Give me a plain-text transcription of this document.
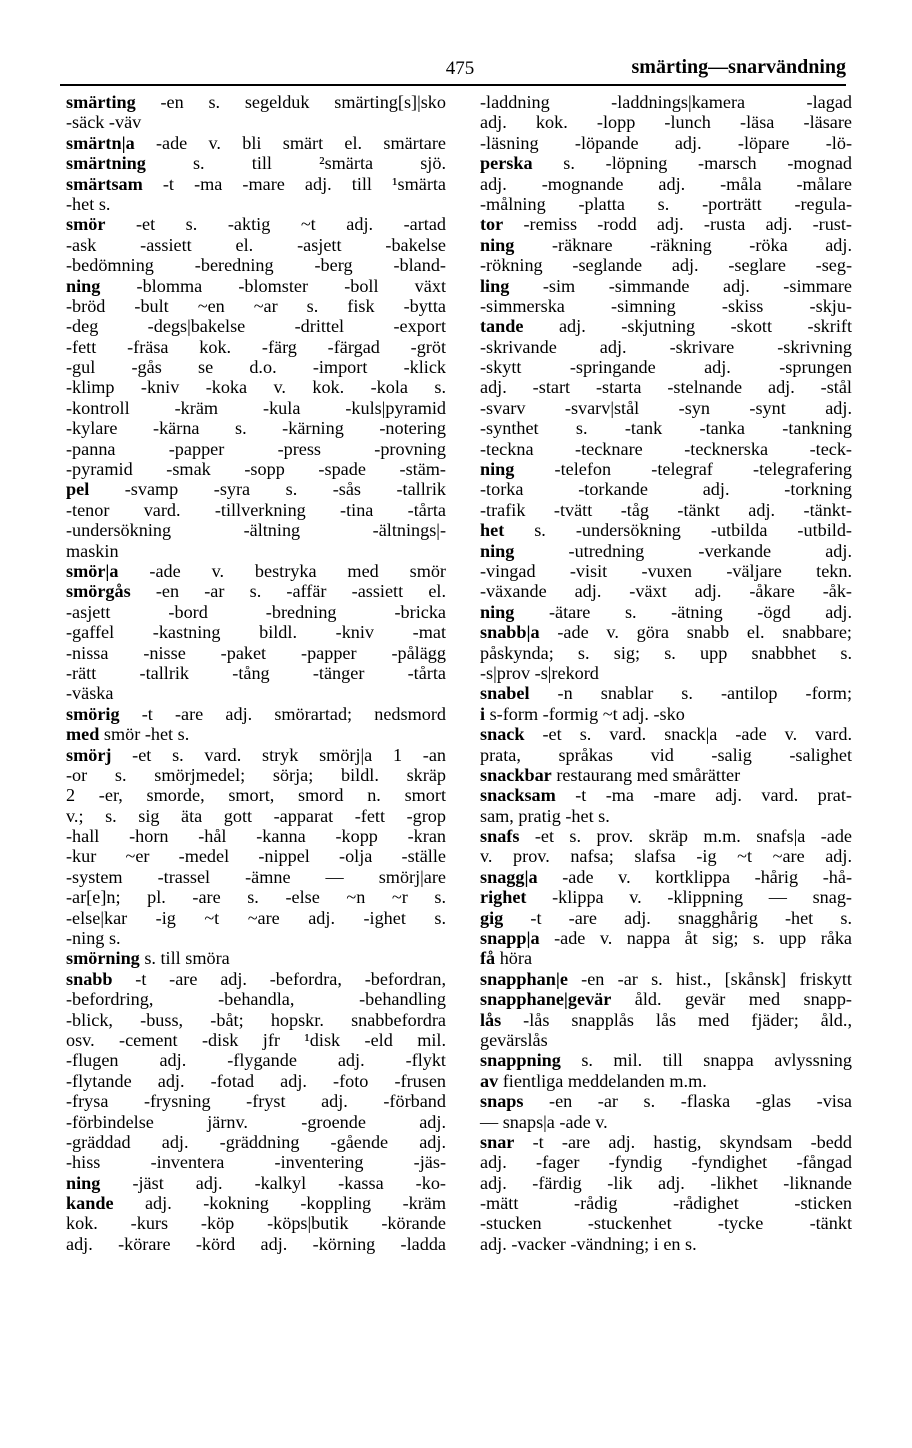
475	smärting—snarvändning
smärting -en s. segelduk smärting[s]|sko
-säck -väv
smärtn|a -ade v. bli smärt el. smärtare
smärtning s. till ²smärta sjö.
smärtsam -t -ma -mare adj. till ¹smärta
-het s.
smör -et s. -aktig ~t adj. -artad
-ask -assiett el. -asjett -bakelse
-bedömning -beredning -berg -bland-
ning -blomma -blomster -boll växt
-bröd -bult ~en ~ar s. fisk -bytta
-deg -degs|bakelse -drittel -export
-fett -fräsa kok. -färg -färgad -gröt
-gul -gås se d.o. -import -klick
-klimp -kniv -koka v. kok. -kola s.
-kontroll -kräm -kula -kuls|pyramid
-kylare -kärna s. -kärning -notering
-panna -papper -press -provning
-pyramid -smak -sopp -spade -stäm-
pel -svamp -syra s. -sås -tallrik
-tenor vard. -tillverkning -tina -tårta
-undersökning -ältning -ältnings|-
maskin
smör|a -ade v. bestryka med smör
smörgås -en -ar s. -affär -assiett el.
-asjett -bord -bredning -bricka
-gaffel -kastning bildl. -kniv -mat
-nissa -nisse -paket -papper -pålägg
-rätt -tallrik -tång -tänger -tårta
-väska
smörig -t -are adj. smörartad; nedsmord
med smör -het s.
smörj -et s. vard. stryk smörj|a 1 -an
-or s. smörjmedel; sörja; bildl. skräp
2 -er, smorde, smort, smord n. smort
v.; s. sig äta gott -apparat -fett -grop
-hall -horn -hål -kanna -kopp -kran
-kur ~er -medel -nippel -olja -ställe
-system -trassel -ämne — smörj|are
-ar[e]n; pl. -are s. -else ~n ~r s.
-else|kar -ig ~t ~are adj. -ighet s.
-ning s.
smörning s. till smöra
snabb -t -are adj. -befordra, -befordran,
-befordring, -behandla, -behandling
-blick, -buss, -båt; hopskr. snabbefordra
osv. -cement -disk jfr ¹disk -eld mil.
-flugen adj. -flygande adj. -flykt
-flytande adj. -fotad adj. -foto -frusen
-frysa -frysning -fryst adj. -förband
-förbindelse järnv. -groende adj.
-gräddad adj. -gräddning -gående adj.
-hiss -inventera -inventering -jäs-
ning -jäst adj. -kalkyl -kassa -ko-
kande adj. -kokning -koppling -kräm
kok. -kurs -köp -köps|butik -körande
adj. -körare -körd adj. -körning -ladda
-laddning -laddnings|kamera -lagad
adj. kok. -lopp -lunch -läsa -läsare
-läsning -löpande adj. -löpare -lö-
perska s. -löpning -marsch -mognad
adj. -mognande adj. -måla -målare
-målning -platta s. -porträtt -regula-
tor -remiss -rodd adj. -rusta adj. -rust-
ning -räknare -räkning -röka adj.
-rökning -seglande adj. -seglare -seg-
ling -sim -simmande adj. -simmare
-simmerska -simning -skiss -skju-
tande adj. -skjutning -skott -skrift
-skrivande adj. -skrivare -skrivning
-skytt -springande adj. -sprungen
adj. -start -starta -stelnande adj. -stål
-svarv -svarv|stål -syn -synt adj.
-synthet s. -tank -tanka -tankning
-teckna -tecknare -tecknerska -teck-
ning -telefon -telegraf -telegrafering
-torka -torkande adj. -torkning
-trafik -tvätt -tåg -tänkt adj. -tänkt-
het s. -undersökning -utbilda -utbild-
ning -utredning -verkande adj.
-vingad -visit -vuxen -väljare tekn.
-växande adj. -växt adj. -åkare -åk-
ning -ätare s. -ätning -ögd adj.
snabb|a -ade v. göra snabb el. snabbare;
påskynda; s. sig; s. upp snabbhet s.
-s|prov -s|rekord
snabel -n snablar s. -antilop -form;
i s-form -formig ~t adj. -sko
snack -et s. vard. snack|a -ade v. vard.
prata, språkas vid -salig -salighet
snackbar restaurang med smårätter
snacksam -t -ma -mare adj. vard. prat-
sam, pratig -het s.
snafs -et s. prov. skräp m.m. snafs|a -ade
v. prov. nafsa; slafsa -ig ~t ~are adj.
snagg|a -ade v. kortklippa -hårig -hå-
righet -klippa v. -klippning — snag-
gig -t -are adj. snagghårig -het s.
snapp|a -ade v. nappa åt sig; s. upp råka
få höra
snapphan|e -en -ar s. hist., [skånsk] friskytt
snapphane|gevär åld. gevär med snapp-
lås -lås snapplås lås med fjäder; åld.,
gevärslås
snappning s. mil. till snappa avlyssning
av fientliga meddelanden m.m.
snaps -en -ar s. -flaska -glas -visa
— snaps|a -ade v.
snar -t -are adj. hastig, skyndsam -bedd
adj. -fager -fyndig -fyndighet -fångad
adj. -färdig -lik adj. -likhet -liknande
-mätt -rådig -rådighet -sticken
-stucken -stuckenhet -tycke -tänkt
adj. -vacker -vändning; i en s.
